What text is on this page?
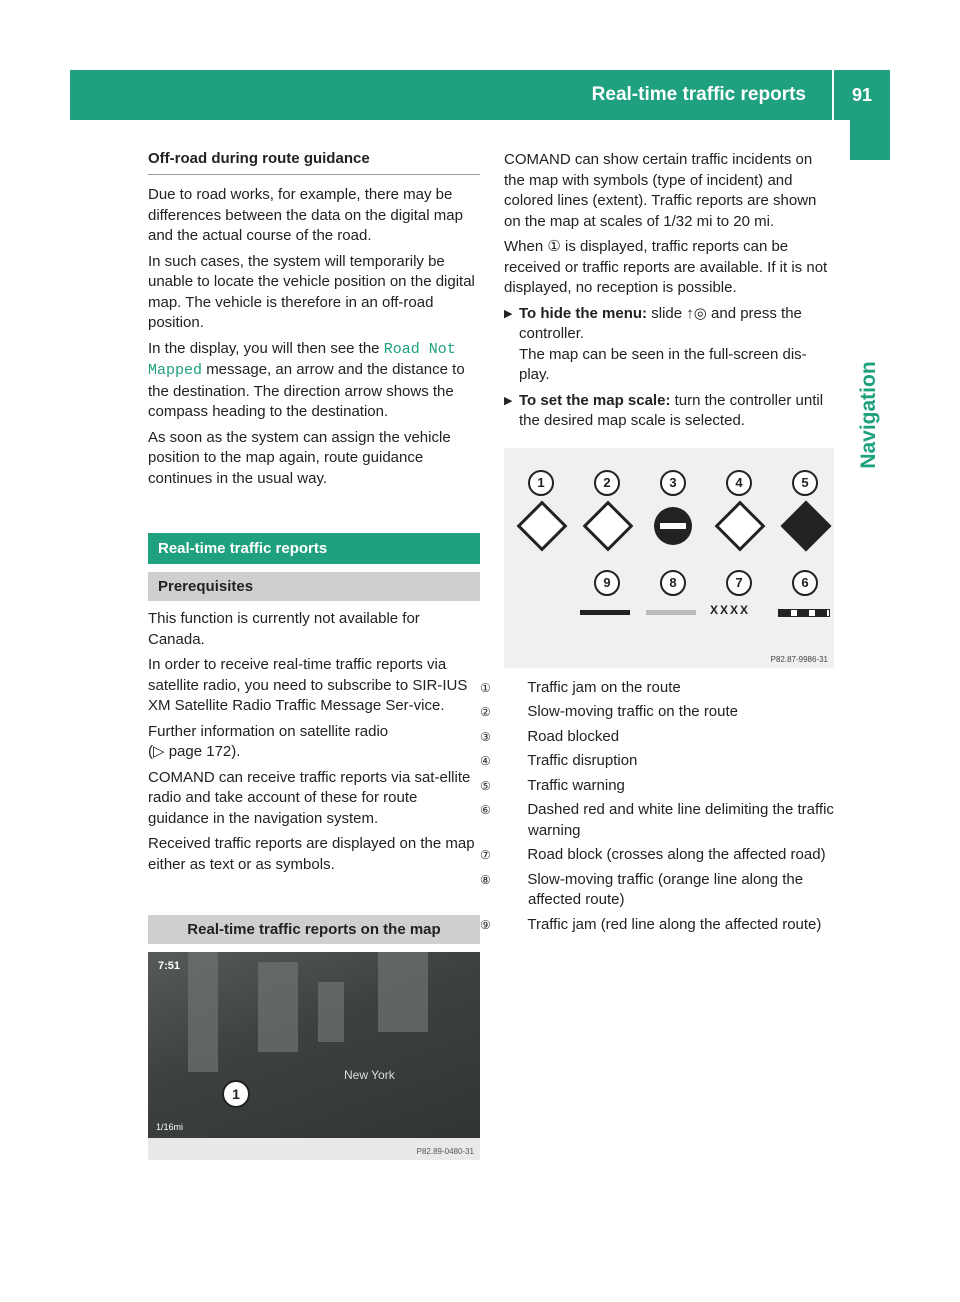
Real-time traffic reports	91
Navigation
Off-road during route guidance

Due to road works, for example, there may be differences between the data on the digital map and the actual course of the road.

In such cases, the system will temporarily be unable to locate the vehicle position on the digital map. The vehicle is therefore in an off-road position.

In the display, you will then see the Road Not Mapped message, an arrow and the distance to the destination. The direction arrow shows the compass heading to the destination.

As soon as the system can assign the vehicle position to the map again, route guidance continues in the usual way.

Real-time traffic reports
Prerequisites

This function is currently not available for Canada.

In order to receive real-time traffic reports via satellite radio, you need to subscribe to SIR-IUS XM Satellite Radio Traffic Message Ser-vice.

Further information on satellite radio
(▷ page 172).

COMAND can receive traffic reports via sat-ellite radio and take account of these for route guidance in the navigation system.

Received traffic reports are displayed on the map either as text or as symbols.

Real-time traffic reports on the map
7:51
New York
1
1/16mi
P82.89-0480-31

COMAND can show certain traffic incidents on the map with symbols (type of incident) and colored lines (extent). Traffic reports are shown on the map at scales of 1/32 mi to 20 mi.

When ① is displayed, traffic reports can be received or traffic reports are available. If it is not displayed, no reception is possible.

▶ To hide the menu: slide ↑◎ and press the controller.
The map can be seen in the full-screen dis-play.
▶ To set the map scale: turn the controller until the desired map scale is selected.
1	2	3	4	5
9	8	7	6
XXXX
P82.87-9986-31

① Traffic jam on the route

② Slow-moving traffic on the route

③ Road blocked

④ Traffic disruption

⑤ Traffic warning

⑥ Dashed red and white line delimiting the traffic warning

⑦ Road block (crosses along the affected road)

⑧ Slow-moving traffic (orange line along the affected route)

⑨ Traffic jam (red line along the affected route)
